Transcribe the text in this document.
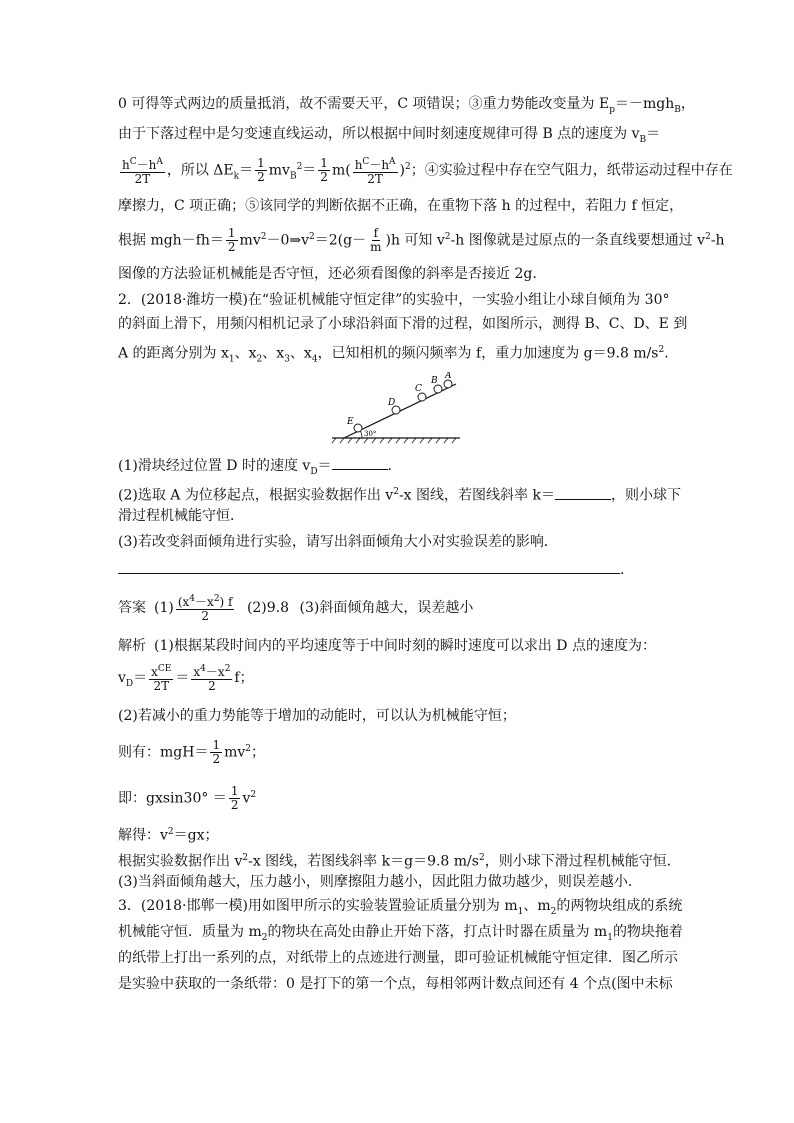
0 可得等式两边的质量抵消，故不需要天平，C 项错误；③重力势能改变量为 $E_p=-mgh_B$，
由于下落过程中是匀变速直线运动，所以根据中间时刻速度规律可得 B 点的速度为 $v_B=$
$\frac{h^C-h^A}{2T}$ ，所以 $\Delta E_k= \frac{1}{2} mv_B^2= \frac{1}{2} m( \frac{h^C-h^A}{2T} )^2$；④实验过程中存在空气阻力，纸带运动过程中存在
摩擦力，C 项正确；⑤该同学的判断依据不正确，在重物下落 h 的过程中，若阻力 f 恒定，
根据 $mgh-fh= \frac{1}{2}$ $mv^2-0\Rightarrow v^2=2(g- \frac{f}{m} )h$ 可知 $v^2-h$ 图像就是过原点的一条直线要想通过 $v^2-h$
图像的方法验证机械能是否守恒，还必须看图像的斜率是否接近 2g.
2．(2018·潍坊一模)在“验证机械能守恒定律”的实验中，一实验小组让小球自倾角为 30°
的斜面上滑下，用频闪相机记录了小球沿斜面下滑的过程，如图所示，测得 B、C、D、E 到
A 的距离分别为 $x_1$、$x_2$、$x_3$、$x_4$，已知相机的频闪频率为 f，重力加速度为 g＝9.8 $m/s^2$.
30°
E
D
C
B A
(1)滑块经过位置 D 时的速度 $v_D=$	.
(2)选取 A 为位移起点，根据实验数据作出 $v^2-x$ 图线，若图线斜率 k＝	，则小球下
滑过程机械能守恒．
(3)若改变斜面倾角进行实验，请写出斜面倾角大小对实验误差的影响．
.
答案 $(1) \frac{(x^4-x^2) f}{2} (2)9.8$ (3)斜面倾角越大，误差越小
解析 (1)根据某段时间内的平均速度等于中间时刻的瞬时速度可以求出 D 点的速度为：
$v_D= \frac{x^{CE}}{2T} = \frac{x^4-x^2}{2}$ f；
(2)若减小的重力势能等于增加的动能时，可以认为机械能守恒；
则有：$mgH= \frac{1}{2} mv^2$；
即：$gxsin30^\circ = \frac{1}{2} v^2$
解得：$v^2=gx$；
根据实验数据作出 $v^2-x$ 图线，若图线斜率 k＝g＝9.8 $m/s^2$，则小球下滑过程机械能守恒．
(3)当斜面倾角越大，压力越小，则摩擦阻力越小，因此阻力做功越少，则误差越小．
3．(2018·邯郸一模)用如图甲所示的实验装置验证质量分别为 $m_1$、$m_2$的两物块组成的系统
机械能守恒．质量为 $m_2$的物块在高处由静止开始下落，打点计时器在质量为 $m_1$的物块拖着
的纸带上打出一系列的点，对纸带上的点迹进行测量，即可验证机械能守恒定律．图乙所示
是实验中获取的一条纸带：0 是打下的第一个点，每相邻两计数点间还有 4 个点(图中未标
